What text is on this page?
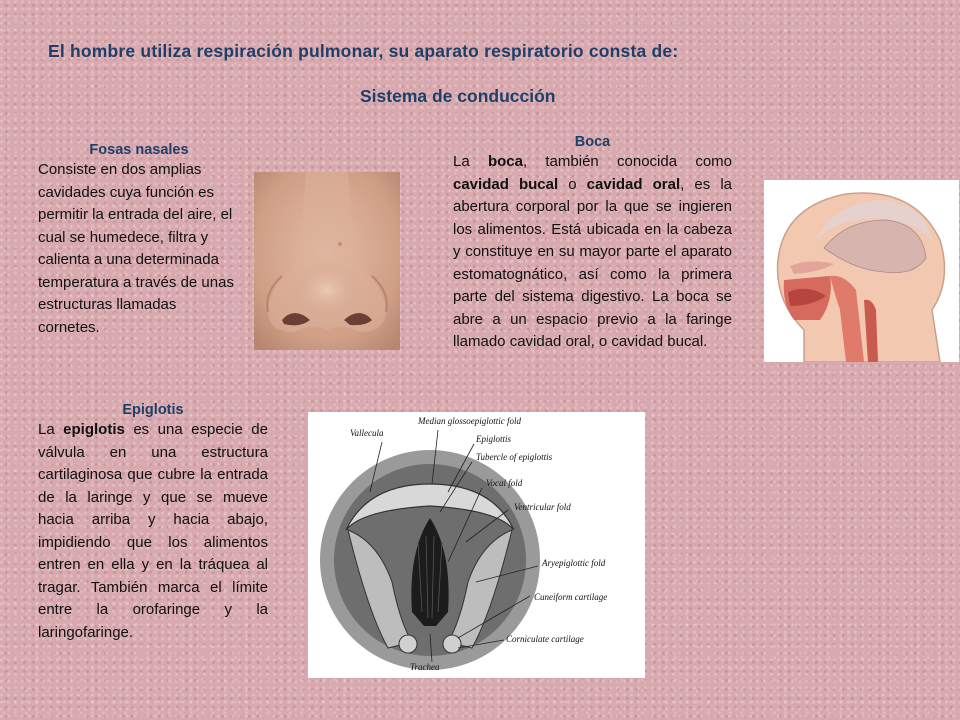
El hombre utiliza respiración pulmonar, su aparato respiratorio consta de:
Sistema de conducción
Fosas nasales
Consiste en dos amplias cavidades cuya función es permitir la entrada del aire, el cual se humedece, filtra y calienta a una determinada temperatura a través de unas estructuras llamadas cornetes.
Boca
La boca, también conocida como cavidad bucal o cavidad oral, es la abertura corporal por la que se ingieren los alimentos. Está ubicada en la cabeza y constituye en su mayor parte el aparato estomatognático, así como la primera parte del sistema digestivo. La boca se abre a un espacio previo a la faringe llamado cavidad oral, o cavidad bucal.
Epiglotis
La epiglotis es una especie de válvula en una estructura cartilaginosa que cubre la entrada de la laringe y que se mueve hacia arriba y hacia abajo, impidiendo que los alimentos entren en ella y en la tráquea al tragar. También marca el límite entre la orofaringe y la laringofaringe.
Vallecula
Median glossoepiglottic fold
Epiglottis
Tubercle of epiglottis
Vocal fold
Ventricular fold
Aryepiglottic fold
Cuneiform cartilage
Corniculate cartilage
Trachea
